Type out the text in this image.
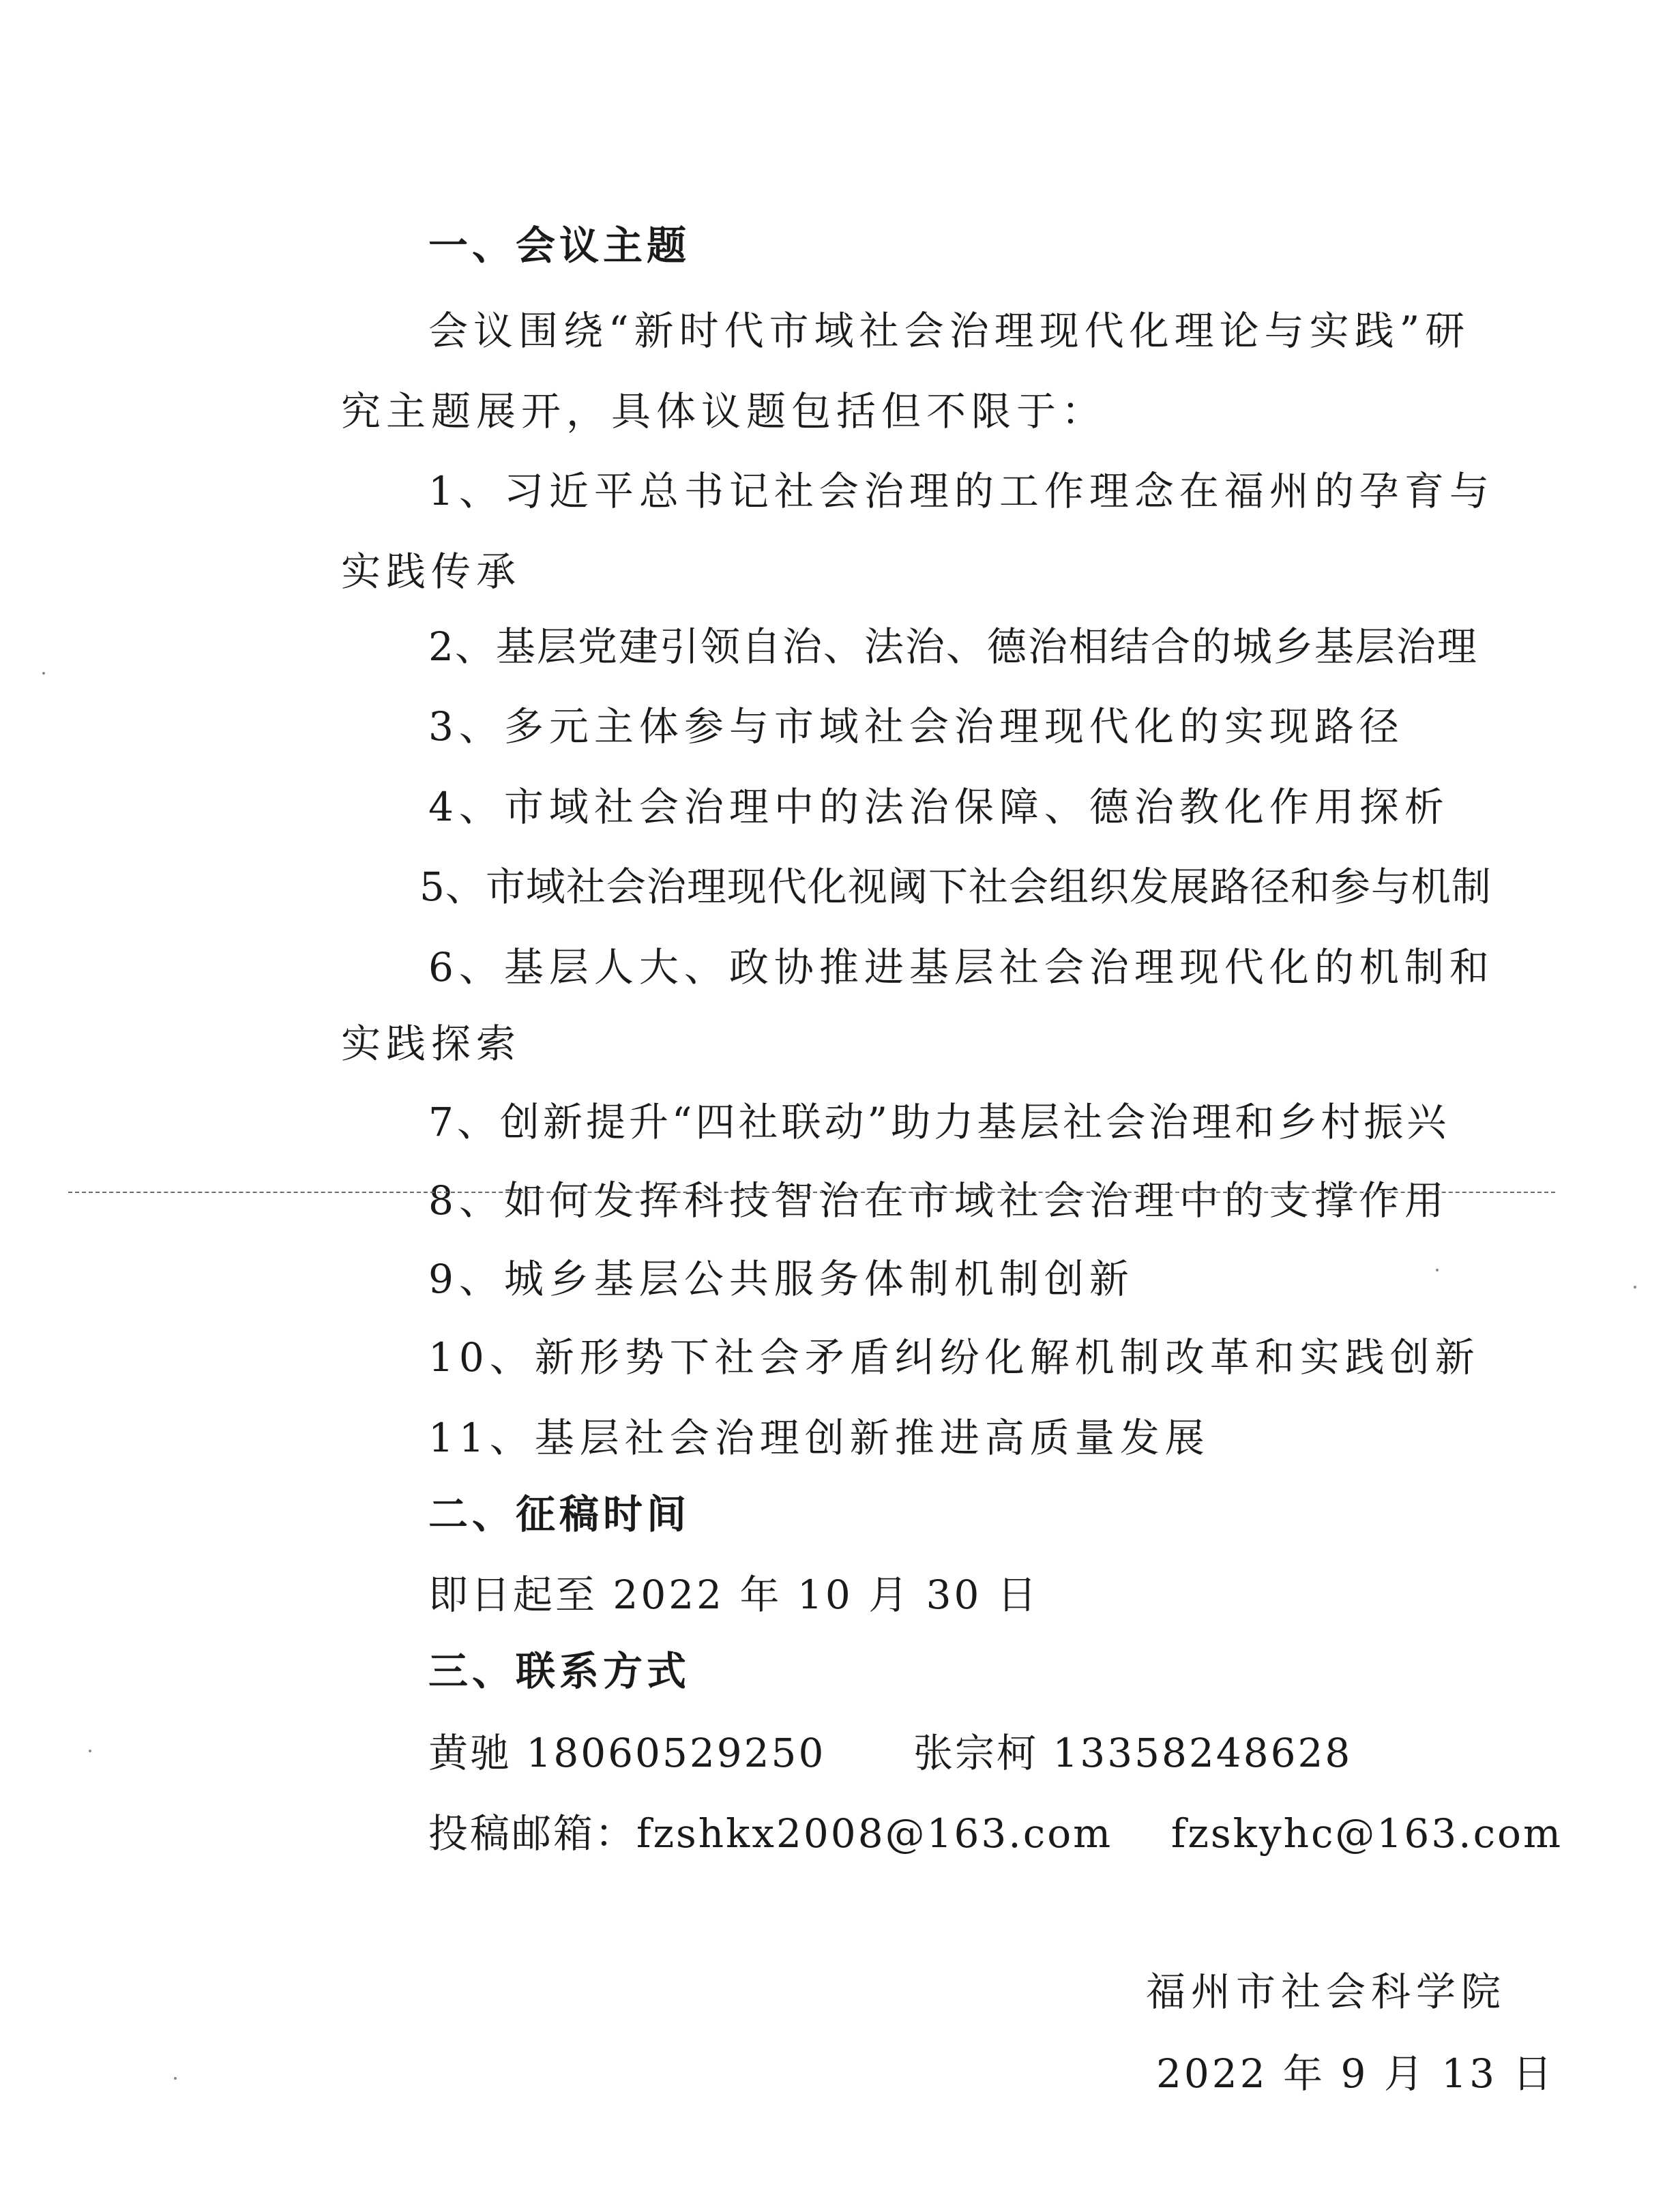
一、会议主题
会议围绕“新时代市域社会治理现代化理论与实践”研
究主题展开，具体议题包括但不限于：
1、习近平总书记社会治理的工作理念在福州的孕育与
实践传承
2、基层党建引领自治、法治、德治相结合的城乡基层治理
3、多元主体参与市域社会治理现代化的实现路径
4、市域社会治理中的法治保障、德治教化作用探析
5、市域社会治理现代化视阈下社会组织发展路径和参与机制
6、基层人大、政协推进基层社会治理现代化的机制和
实践探索
7、创新提升“四社联动”助力基层社会治理和乡村振兴
8、如何发挥科技智治在市域社会治理中的支撑作用
9、城乡基层公共服务体制机制创新
10、新形势下社会矛盾纠纷化解机制改革和实践创新
11、基层社会治理创新推进高质量发展
二、征稿时间
即日起至 2022 年 10 月 30 日
三、联系方式
黄驰 18060529250      张宗柯 13358248628
投稿邮箱：fzshkx2008@163.com    fzskyhc@163.com
福州市社会科学院
2022 年 9 月 13 日
